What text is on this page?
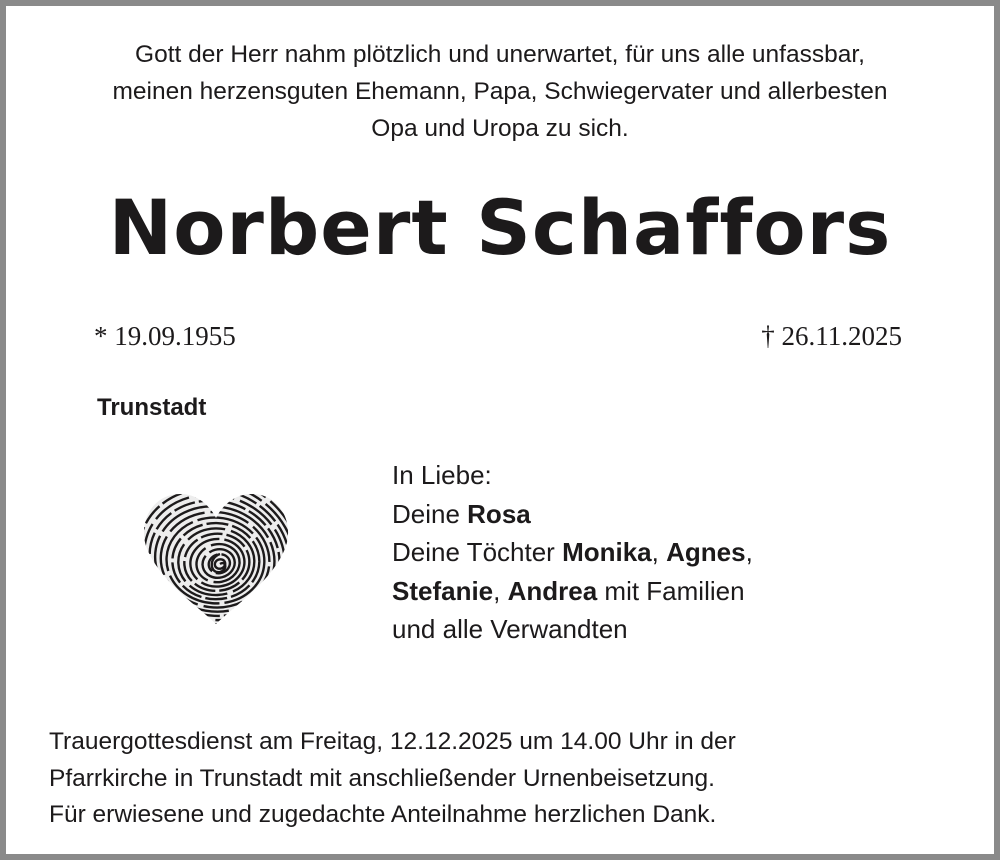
Gott der Herr nahm plötzlich und unerwartet, für uns alle unfassbar,
meinen herzensguten Ehemann, Papa, Schwiegervater und allerbesten
Opa und Uropa zu sich.
Norbert Schaffors
* 19.09.1955	† 26.11.2025
Trunstadt
In Liebe:
Deine Rosa
Deine Töchter Monika, Agnes,
Stefanie, Andrea mit Familien
und alle Verwandten
Trauergottesdienst am Freitag, 12.12.2025 um 14.00 Uhr in der
Pfarrkirche in Trunstadt mit anschließender Urnenbeisetzung.
Für erwiesene und zugedachte Anteilnahme herzlichen Dank.
